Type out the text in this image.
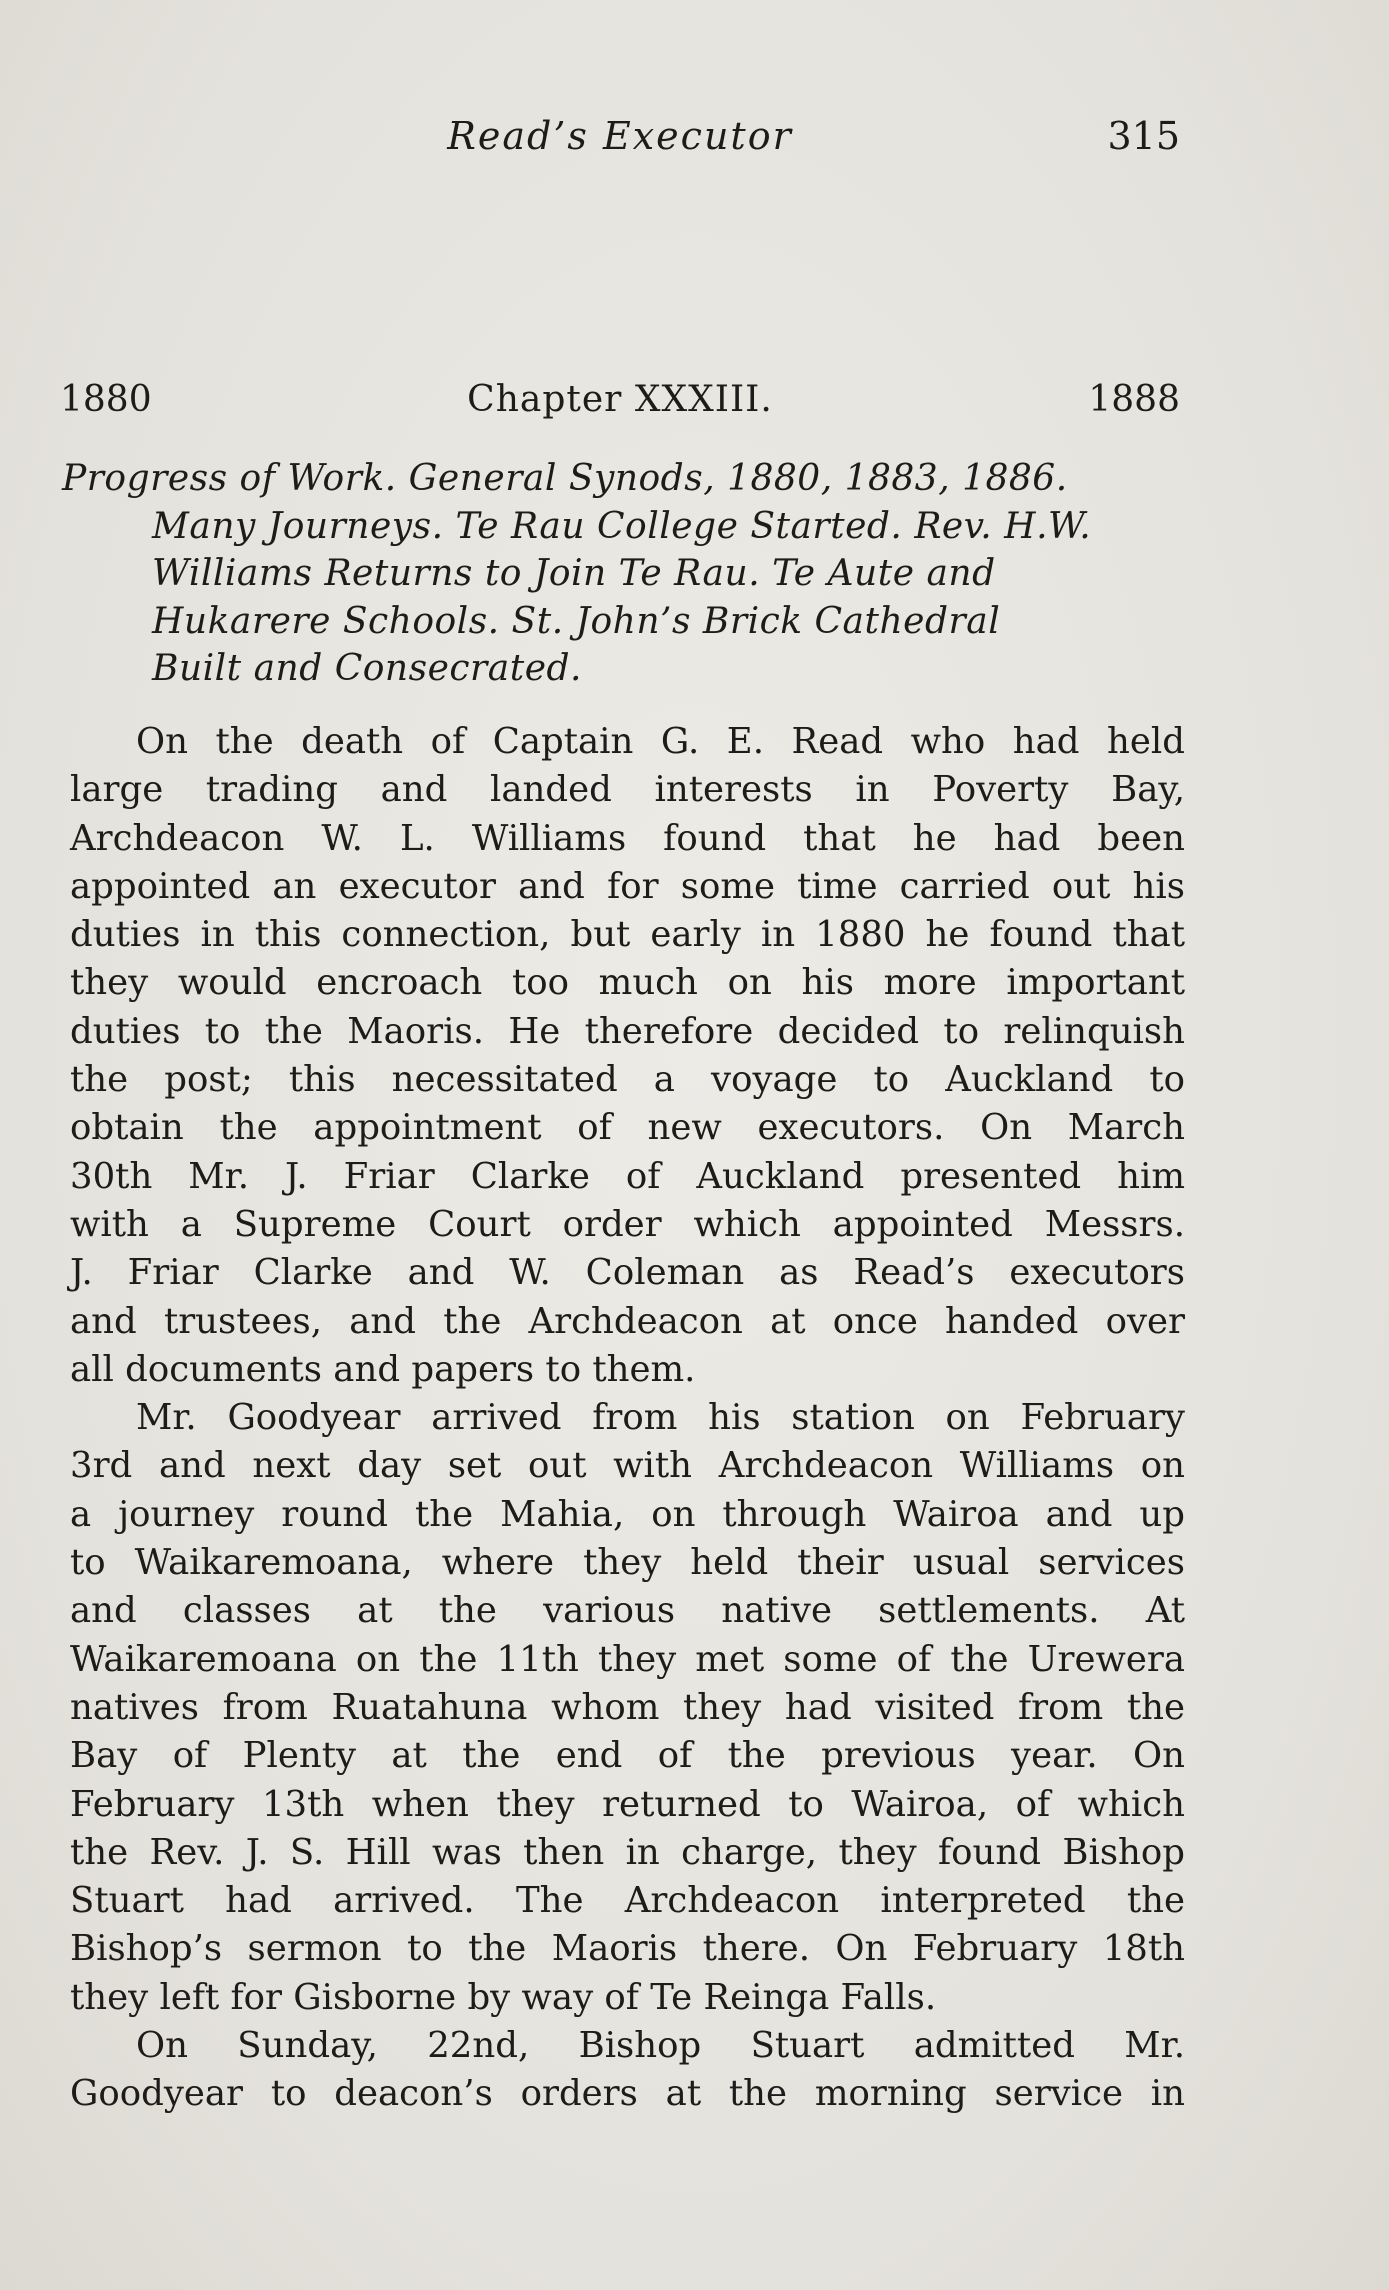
Read’s Executor	315
1880	Chapter XXXIII.	1888
Progress of Work. General Synods, 1880, 1883, 1886.
Many Journeys. Te Rau College Started. Rev. H.W.
Williams Returns to Join Te Rau. Te Aute and
Hukarere Schools. St. John’s Brick Cathedral
Built and Consecrated.
On the death of Captain G. E. Read who had held
large trading and landed interests in Poverty Bay,
Archdeacon W. L. Williams found that he had been
appointed an executor and for some time carried out his
duties in this connection, but early in 1880 he found that
they would encroach too much on his more important
duties to the Maoris. He therefore decided to relinquish
the post; this necessitated a voyage to Auckland to
obtain the appointment of new executors. On March
30th Mr. J. Friar Clarke of Auckland presented him
with a Supreme Court order which appointed Messrs.
J. Friar Clarke and W. Coleman as Read’s executors
and trustees, and the Archdeacon at once handed over
all documents and papers to them.
Mr. Goodyear arrived from his station on February
3rd and next day set out with Archdeacon Williams on
a journey round the Mahia, on through Wairoa and up
to Waikaremoana, where they held their usual services
and classes at the various native settlements. At
Waikaremoana on the 11th they met some of the Urewera
natives from Ruatahuna whom they had visited from the
Bay of Plenty at the end of the previous year. On
February 13th when they returned to Wairoa, of which
the Rev. J. S. Hill was then in charge, they found Bishop
Stuart had arrived. The Archdeacon interpreted the
Bishop’s sermon to the Maoris there. On February 18th
they left for Gisborne by way of Te Reinga Falls.
On Sunday, 22nd, Bishop Stuart admitted Mr.
Goodyear to deacon’s orders at the morning service in
